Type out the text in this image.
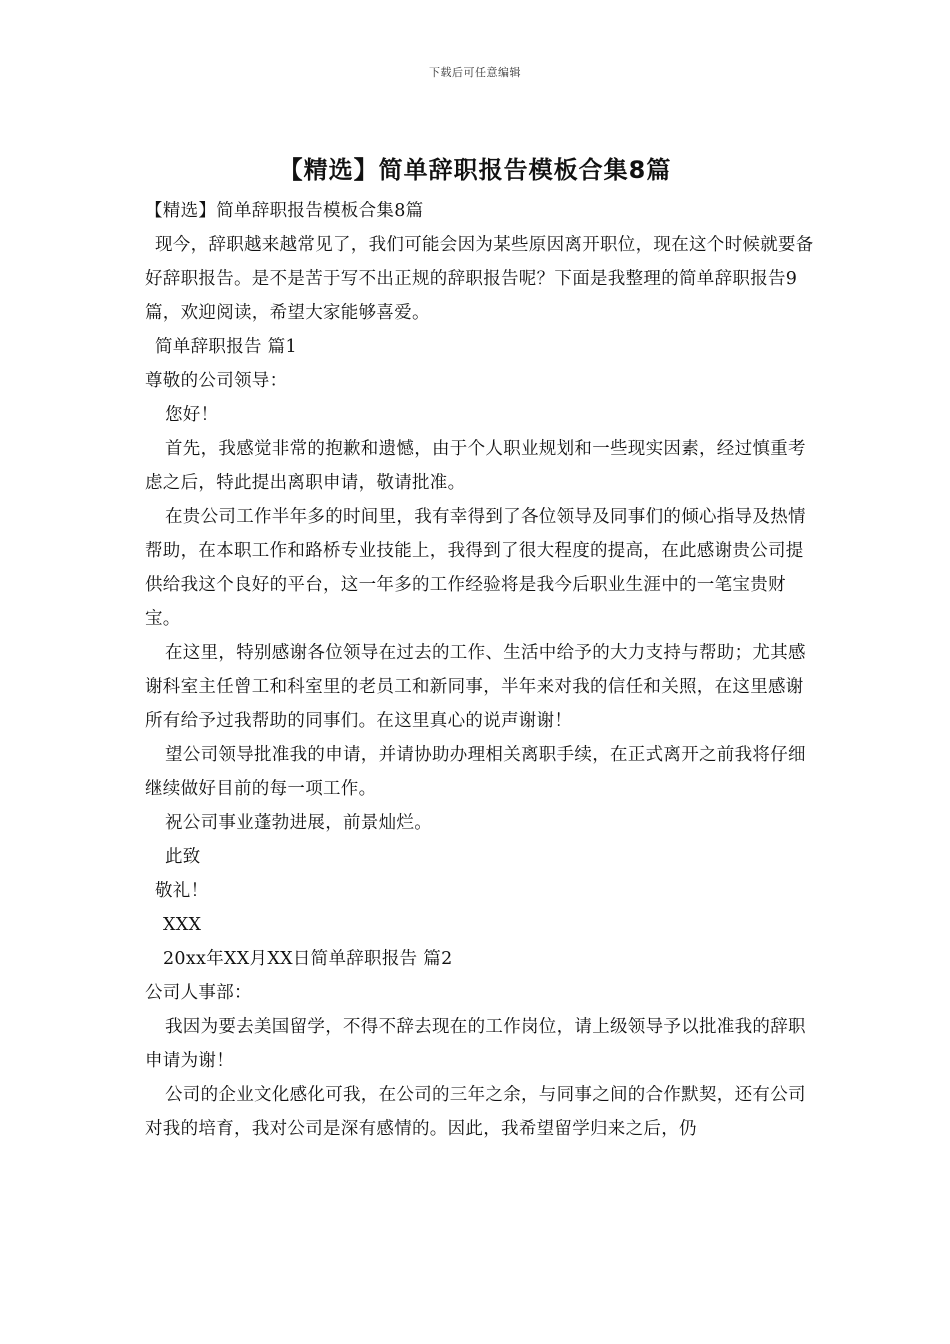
下载后可任意编辑
【精选】简单辞职报告模板合集8篇

【精选】简单辞职报告模板合集8篇

现今，辞职越来越常见了，我们可能会因为某些原因离开职位，现在这个时候就要备好辞职报告。是不是苦于写不出正规的辞职报告呢？下面是我整理的简单辞职报告9篇，欢迎阅读，希望大家能够喜爱。

简单辞职报告 篇1

尊敬的公司领导：

您好！

首先，我感觉非常的抱歉和遗憾，由于个人职业规划和一些现实因素，经过慎重考虑之后，特此提出离职申请，敬请批准。

在贵公司工作半年多的时间里，我有幸得到了各位领导及同事们的倾心指导及热情帮助，在本职工作和路桥专业技能上，我得到了很大程度的提高，在此感谢贵公司提供给我这个良好的平台，这一年多的工作经验将是我今后职业生涯中的一笔宝贵财宝。

在这里，特别感谢各位领导在过去的工作、生活中给予的大力支持与帮助；尤其感谢科室主任曾工和科室里的老员工和新同事，半年来对我的信任和关照，在这里感谢所有给予过我帮助的同事们。在这里真心的说声谢谢！

望公司领导批准我的申请，并请协助办理相关离职手续，在正式离开之前我将仔细继续做好目前的每一项工作。

祝公司事业蓬勃进展，前景灿烂。

此致

敬礼！

XXX

20xx年XX月XX日简单辞职报告 篇2

公司人事部：

我因为要去美国留学，不得不辞去现在的工作岗位，请上级领导予以批准我的辞职申请为谢！

公司的企业文化感化可我，在公司的三年之余，与同事之间的合作默契，还有公司对我的培育，我对公司是深有感情的。因此，我希望留学归来之后，仍
